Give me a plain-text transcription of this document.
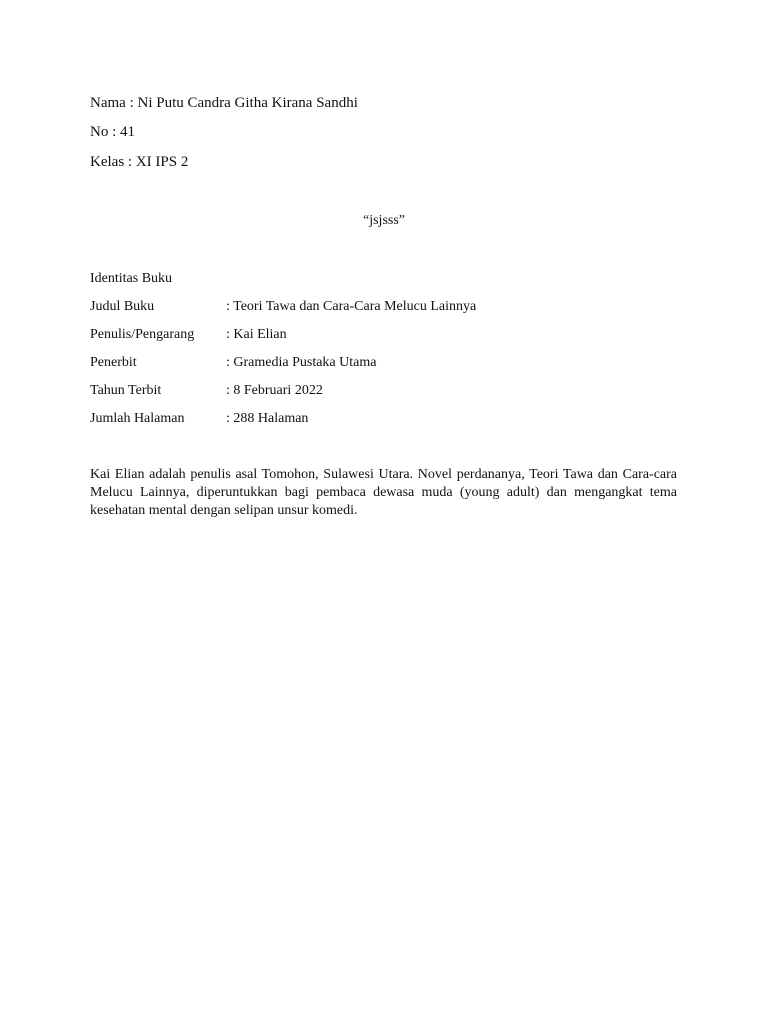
Nama : Ni Putu Candra Githa Kirana Sandhi
No : 41
Kelas : XI IPS 2
“jsjsss”
Identitas Buku
Judul Buku	: Teori Tawa dan Cara-Cara Melucu Lainnya
Penulis/Pengarang : Kai Elian
Penerbit	: Gramedia Pustaka Utama
Tahun Terbit	: 8 Februari 2022
Jumlah Halaman	: 288 Halaman
Kai Elian adalah penulis asal Tomohon, Sulawesi Utara. Novel perdananya, Teori Tawa dan Cara-cara Melucu Lainnya, diperuntukkan bagi pembaca dewasa muda (young adult) dan mengangkat tema kesehatan mental dengan selipan unsur komedi.
